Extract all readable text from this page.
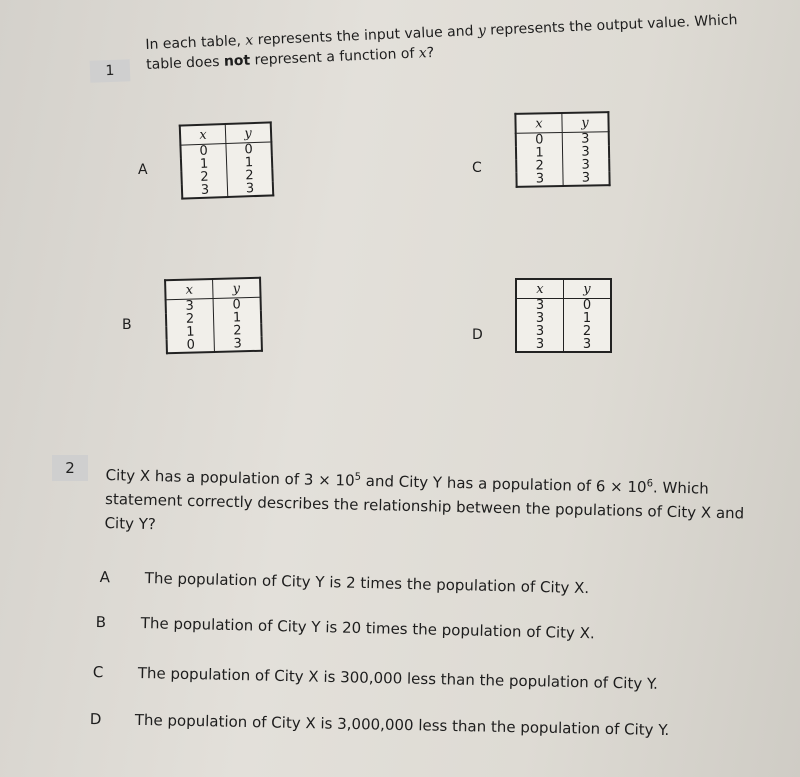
1
In each table, x represents the input value and y represents the output value. Which table does not represent a function of x?
A
x	y
0	0
1	1
2	2
3	3
B
x	y
3	0
2	1
1	2
0	3
C
x	y
0	3
1	3
2	3
3	3
D
x	y
3	0
3	1
3	2
3	3
2	City X has a population of $3 \times 10^5$ and City Y has a population of $6 \times 10^6$. Which statement correctly describes the relationship between the populations of City X and City Y?
A The population of City Y is 2 times the population of City X.
B The population of City Y is 20 times the population of City X.
C The population of City X is 300,000 less than the population of City Y.
D The population of City X is 3,000,000 less than the population of City Y.
